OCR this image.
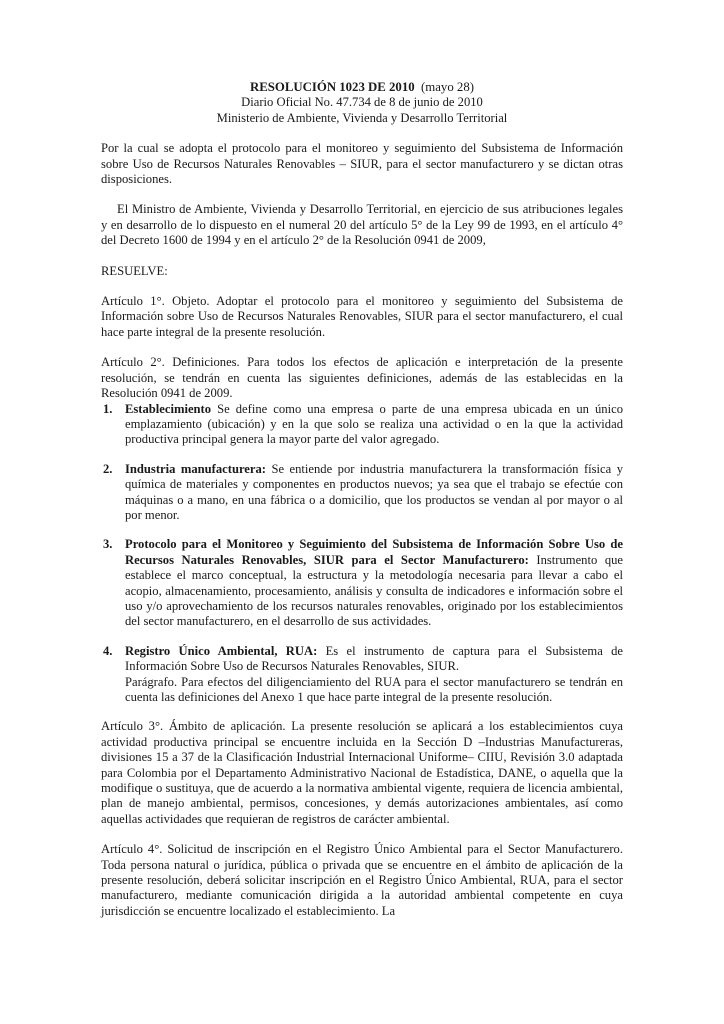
RESOLUCIÓN 1023 DE 2010 (mayo 28)
Diario Oficial No. 47.734 de 8 de junio de 2010
Ministerio de Ambiente, Vivienda y Desarrollo Territorial

Por la cual se adopta el protocolo para el monitoreo y seguimiento del Subsistema de Información sobre Uso de Recursos Naturales Renovables – SIUR, para el sector manufacturero y se dictan otras disposiciones.

El Ministro de Ambiente, Vivienda y Desarrollo Territorial, en ejercicio de sus atribuciones legales y en desarrollo de lo dispuesto en el numeral 20 del artículo 5° de la Ley 99 de 1993, en el artículo 4° del Decreto 1600 de 1994 y en el artículo 2° de la Resolución 0941 de 2009,

RESUELVE:

Artículo 1°. Objeto. Adoptar el protocolo para el monitoreo y seguimiento del Subsistema de Información sobre Uso de Recursos Naturales Renovables, SIUR para el sector manufacturero, el cual hace parte integral de la presente resolución.

Artículo 2°. Definiciones. Para todos los efectos de aplicación e interpretación de la presente resolución, se tendrán en cuenta las siguientes definiciones, además de las establecidas en la Resolución 0941 de 2009.

1. Establecimiento Se define como una empresa o parte de una empresa ubicada en un único emplazamiento (ubicación) y en la que solo se realiza una actividad o en la que la actividad productiva principal genera la mayor parte del valor agregado.
2. Industria manufacturera: Se entiende por industria manufacturera la transformación física y química de materiales y componentes en productos nuevos; ya sea que el trabajo se efectúe con máquinas o a mano, en una fábrica o a domicilio, que los productos se vendan al por mayor o al por menor.
3. Protocolo para el Monitoreo y Seguimiento del Subsistema de Información Sobre Uso de Recursos Naturales Renovables, SIUR para el Sector Manufacturero: Instrumento que establece el marco conceptual, la estructura y la metodología necesaria para llevar a cabo el acopio, almacenamiento, procesamiento, análisis y consulta de indicadores e información sobre el uso y/o aprovechamiento de los recursos naturales renovables, originado por los establecimientos del sector manufacturero, en el desarrollo de sus actividades.
4. Registro Único Ambiental, RUA: Es el instrumento de captura para el Subsistema de Información Sobre Uso de Recursos Naturales Renovables, SIUR.
Parágrafo. Para efectos del diligenciamiento del RUA para el sector manufacturero se tendrán en cuenta las definiciones del Anexo 1 que hace parte integral de la presente resolución.

Artículo 3°. Ámbito de aplicación. La presente resolución se aplicará a los establecimientos cuya actividad productiva principal se encuentre incluida en la Sección D –Industrias Manufactureras, divisiones 15 a 37 de la Clasificación Industrial Internacional Uniforme– CIIU, Revisión 3.0 adaptada para Colombia por el Departamento Administrativo Nacional de Estadística, DANE, o aquella que la modifique o sustituya, que de acuerdo a la normativa ambiental vigente, requiera de licencia ambiental, plan de manejo ambiental, permisos, concesiones, y demás autorizaciones ambientales, así como aquellas actividades que requieran de registros de carácter ambiental.

Artículo 4°. Solicitud de inscripción en el Registro Único Ambiental para el Sector Manufacturero. Toda persona natural o jurídica, pública o privada que se encuentre en el ámbito de aplicación de la presente resolución, deberá solicitar inscripción en el Registro Único Ambiental, RUA, para el sector manufacturero, mediante comunicación dirigida a la autoridad ambiental competente en cuya jurisdicción se encuentre localizado el establecimiento. La
